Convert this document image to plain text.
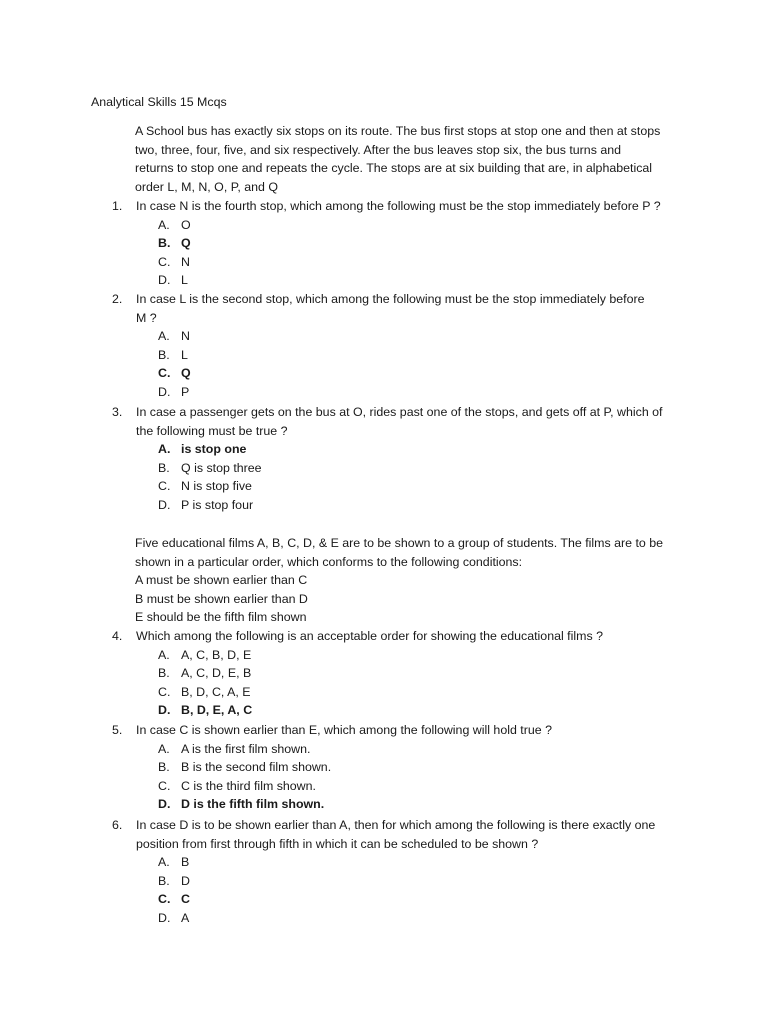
Analytical Skills 15 Mcqs
A School bus has exactly six stops on its route. The bus first stops at stop one and then at stops
two, three, four, five, and six respectively. After the bus leaves stop six, the bus turns and
returns to stop one and repeats the cycle. The stops are at six building that are, in alphabetical
order L, M, N, O, P, and Q
1. In case N is the fourth stop, which among the following must be the stop immediately before P ?
A. O
B. Q
C. N
D. L
2. In case L is the second stop, which among the following must be the stop immediately before
M ?
A. N
B. L
C. Q
D. P
3. In case a passenger gets on the bus at O, rides past one of the stops, and gets off at P, which of
the following must be true ?
A. is stop one
B. Q is stop three
C. N is stop five
D. P is stop four
Five educational films A, B, C, D, & E are to be shown to a group of students. The films are to be
shown in a particular order, which conforms to the following conditions:
A must be shown earlier than C
B must be shown earlier than D
E should be the fifth film shown
4. Which among the following is an acceptable order for showing the educational films ?
A. A, C, B, D, E
B. A, C, D, E, B
C. B, D, C, A, E
D. B, D, E, A, C
5. In case C is shown earlier than E, which among the following will hold true ?
A. A is the first film shown.
B. B is the second film shown.
C. C is the third film shown.
D. D is the fifth film shown.
6. In case D is to be shown earlier than A, then for which among the following is there exactly one
position from first through fifth in which it can be scheduled to be shown ?
A. B
B. D
C. C
D. A
